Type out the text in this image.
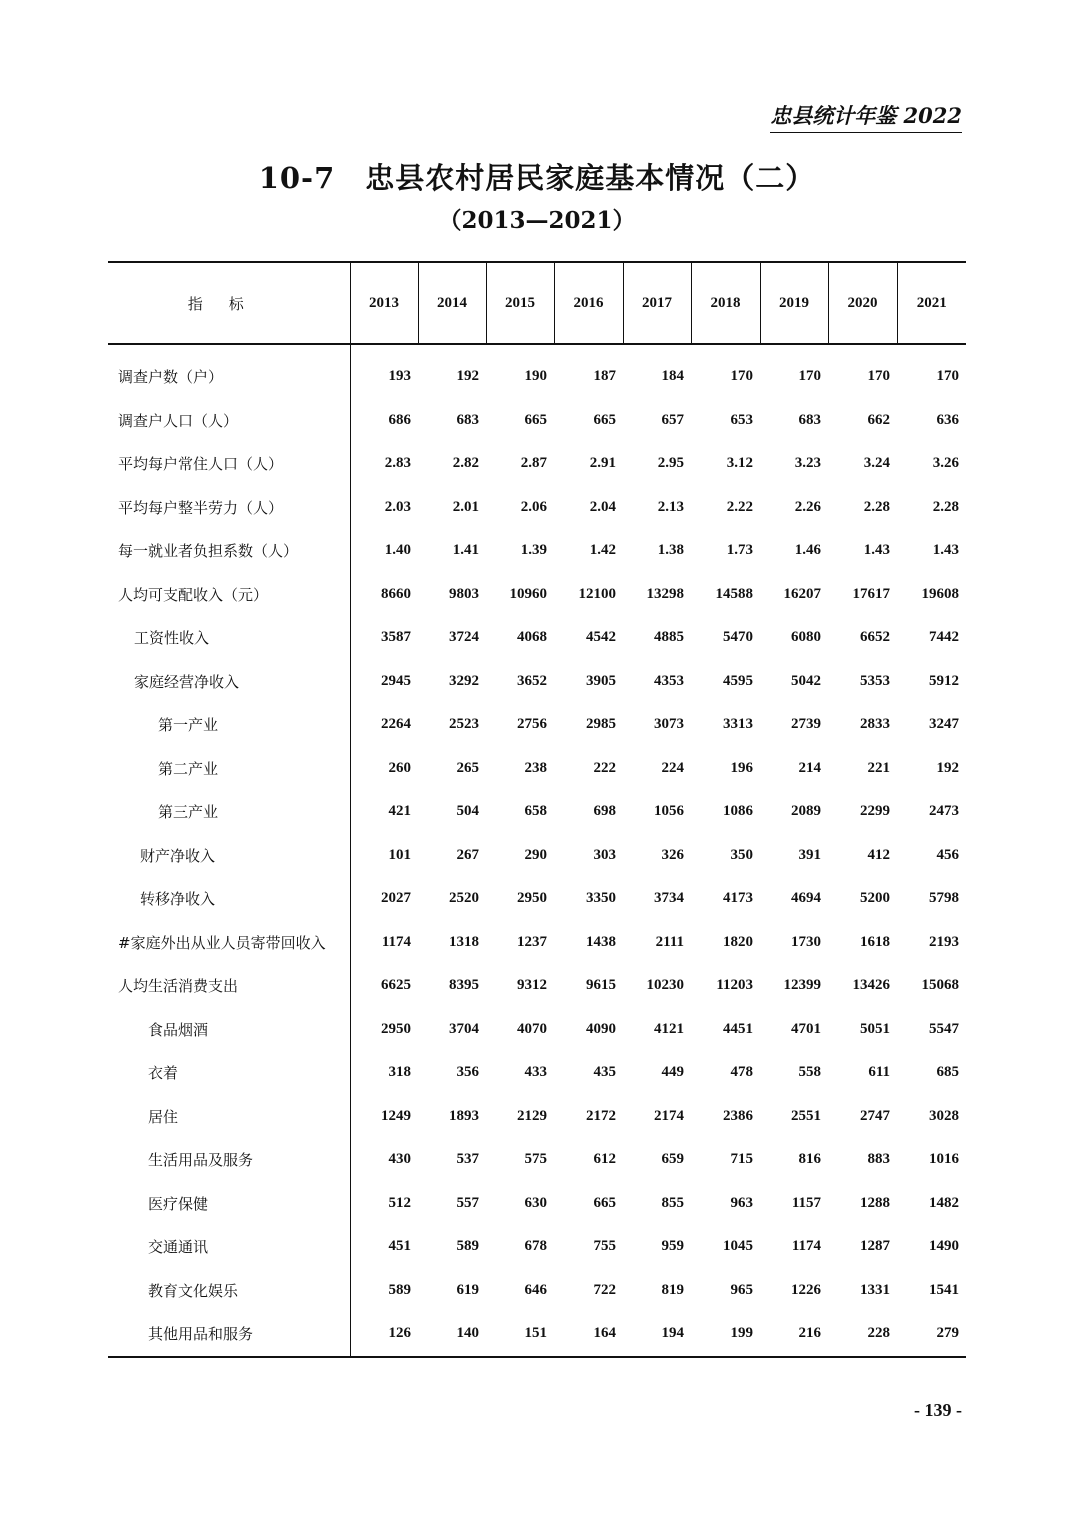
忠县统计年鉴 2022
10-7　忠县农村居民家庭基本情况（二）
（2013—2021）
指标	2013	2014	2015	2016	2017	2018	2019	2020	2021
调查户数（户）	193	192	190	187	184	170	170	170	170
调查户人口（人）	686	683	665	665	657	653	683	662	636
平均每户常住人口（人）	2.83	2.82	2.87	2.91	2.95	3.12	3.23	3.24	3.26
平均每户整半劳力（人）	2.03	2.01	2.06	2.04	2.13	2.22	2.26	2.28	2.28
每一就业者负担系数（人）	1.40	1.41	1.39	1.42	1.38	1.73	1.46	1.43	1.43
人均可支配收入（元）	8660	9803	10960	12100	13298	14588	16207	17617	19608
工资性收入	3587	3724	4068	4542	4885	5470	6080	6652	7442
家庭经营净收入	2945	3292	3652	3905	4353	4595	5042	5353	5912
第一产业	2264	2523	2756	2985	3073	3313	2739	2833	3247
第二产业	260	265	238	222	224	196	214	221	192
第三产业	421	504	658	698	1056	1086	2089	2299	2473
财产净收入	101	267	290	303	326	350	391	412	456
转移净收入	2027	2520	2950	3350	3734	4173	4694	5200	5798
#家庭外出从业人员寄带回收入	1174	1318	1237	1438	2111	1820	1730	1618	2193
人均生活消费支出	6625	8395	9312	9615	10230	11203	12399	13426	15068
食品烟酒	2950	3704	4070	4090	4121	4451	4701	5051	5547
衣着	318	356	433	435	449	478	558	611	685
居住	1249	1893	2129	2172	2174	2386	2551	2747	3028
生活用品及服务	430	537	575	612	659	715	816	883	1016
医疗保健	512	557	630	665	855	963	1157	1288	1482
交通通讯	451	589	678	755	959	1045	1174	1287	1490
教育文化娱乐	589	619	646	722	819	965	1226	1331	1541
其他用品和服务	126	140	151	164	194	199	216	228	279
- 139 -
